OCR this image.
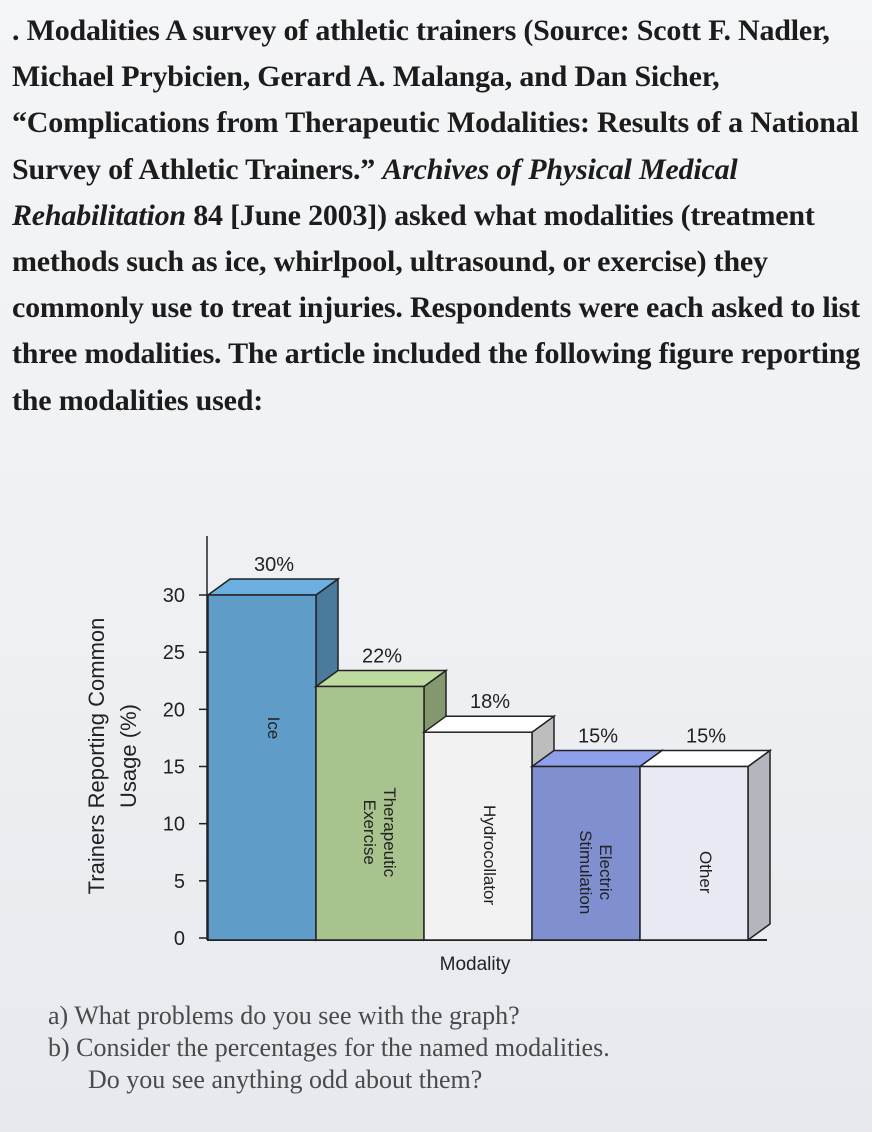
. Modalities A survey of athletic trainers (Source: Scott F. Nadler, Michael Prybicien, Gerard A. Malanga, and Dan Sicher, “Complications from Therapeutic Modalities: Results of a National Survey of Athletic Trainers.” Archives of Physical Medical Rehabilitation 84 [June 2003]) asked what modalities (treatment methods such as ice, whirlpool, ultrasound, or exercise) they commonly use to treat injuries. Respondents were each asked to list three modalities. The article included the following figure reporting the modalities used:

Trainers Reporting Common Usage (%)
0
5
10
15
20
25
30
30%
Ice
22%
Therapeutic
Exercise
18%
Hydrocollator
15%
Electric
Stimulation
15%
Other
Modality

a) What problems do you see with the graph?

b) Consider the percentages for the named modalities.

Do you see anything odd about them?
